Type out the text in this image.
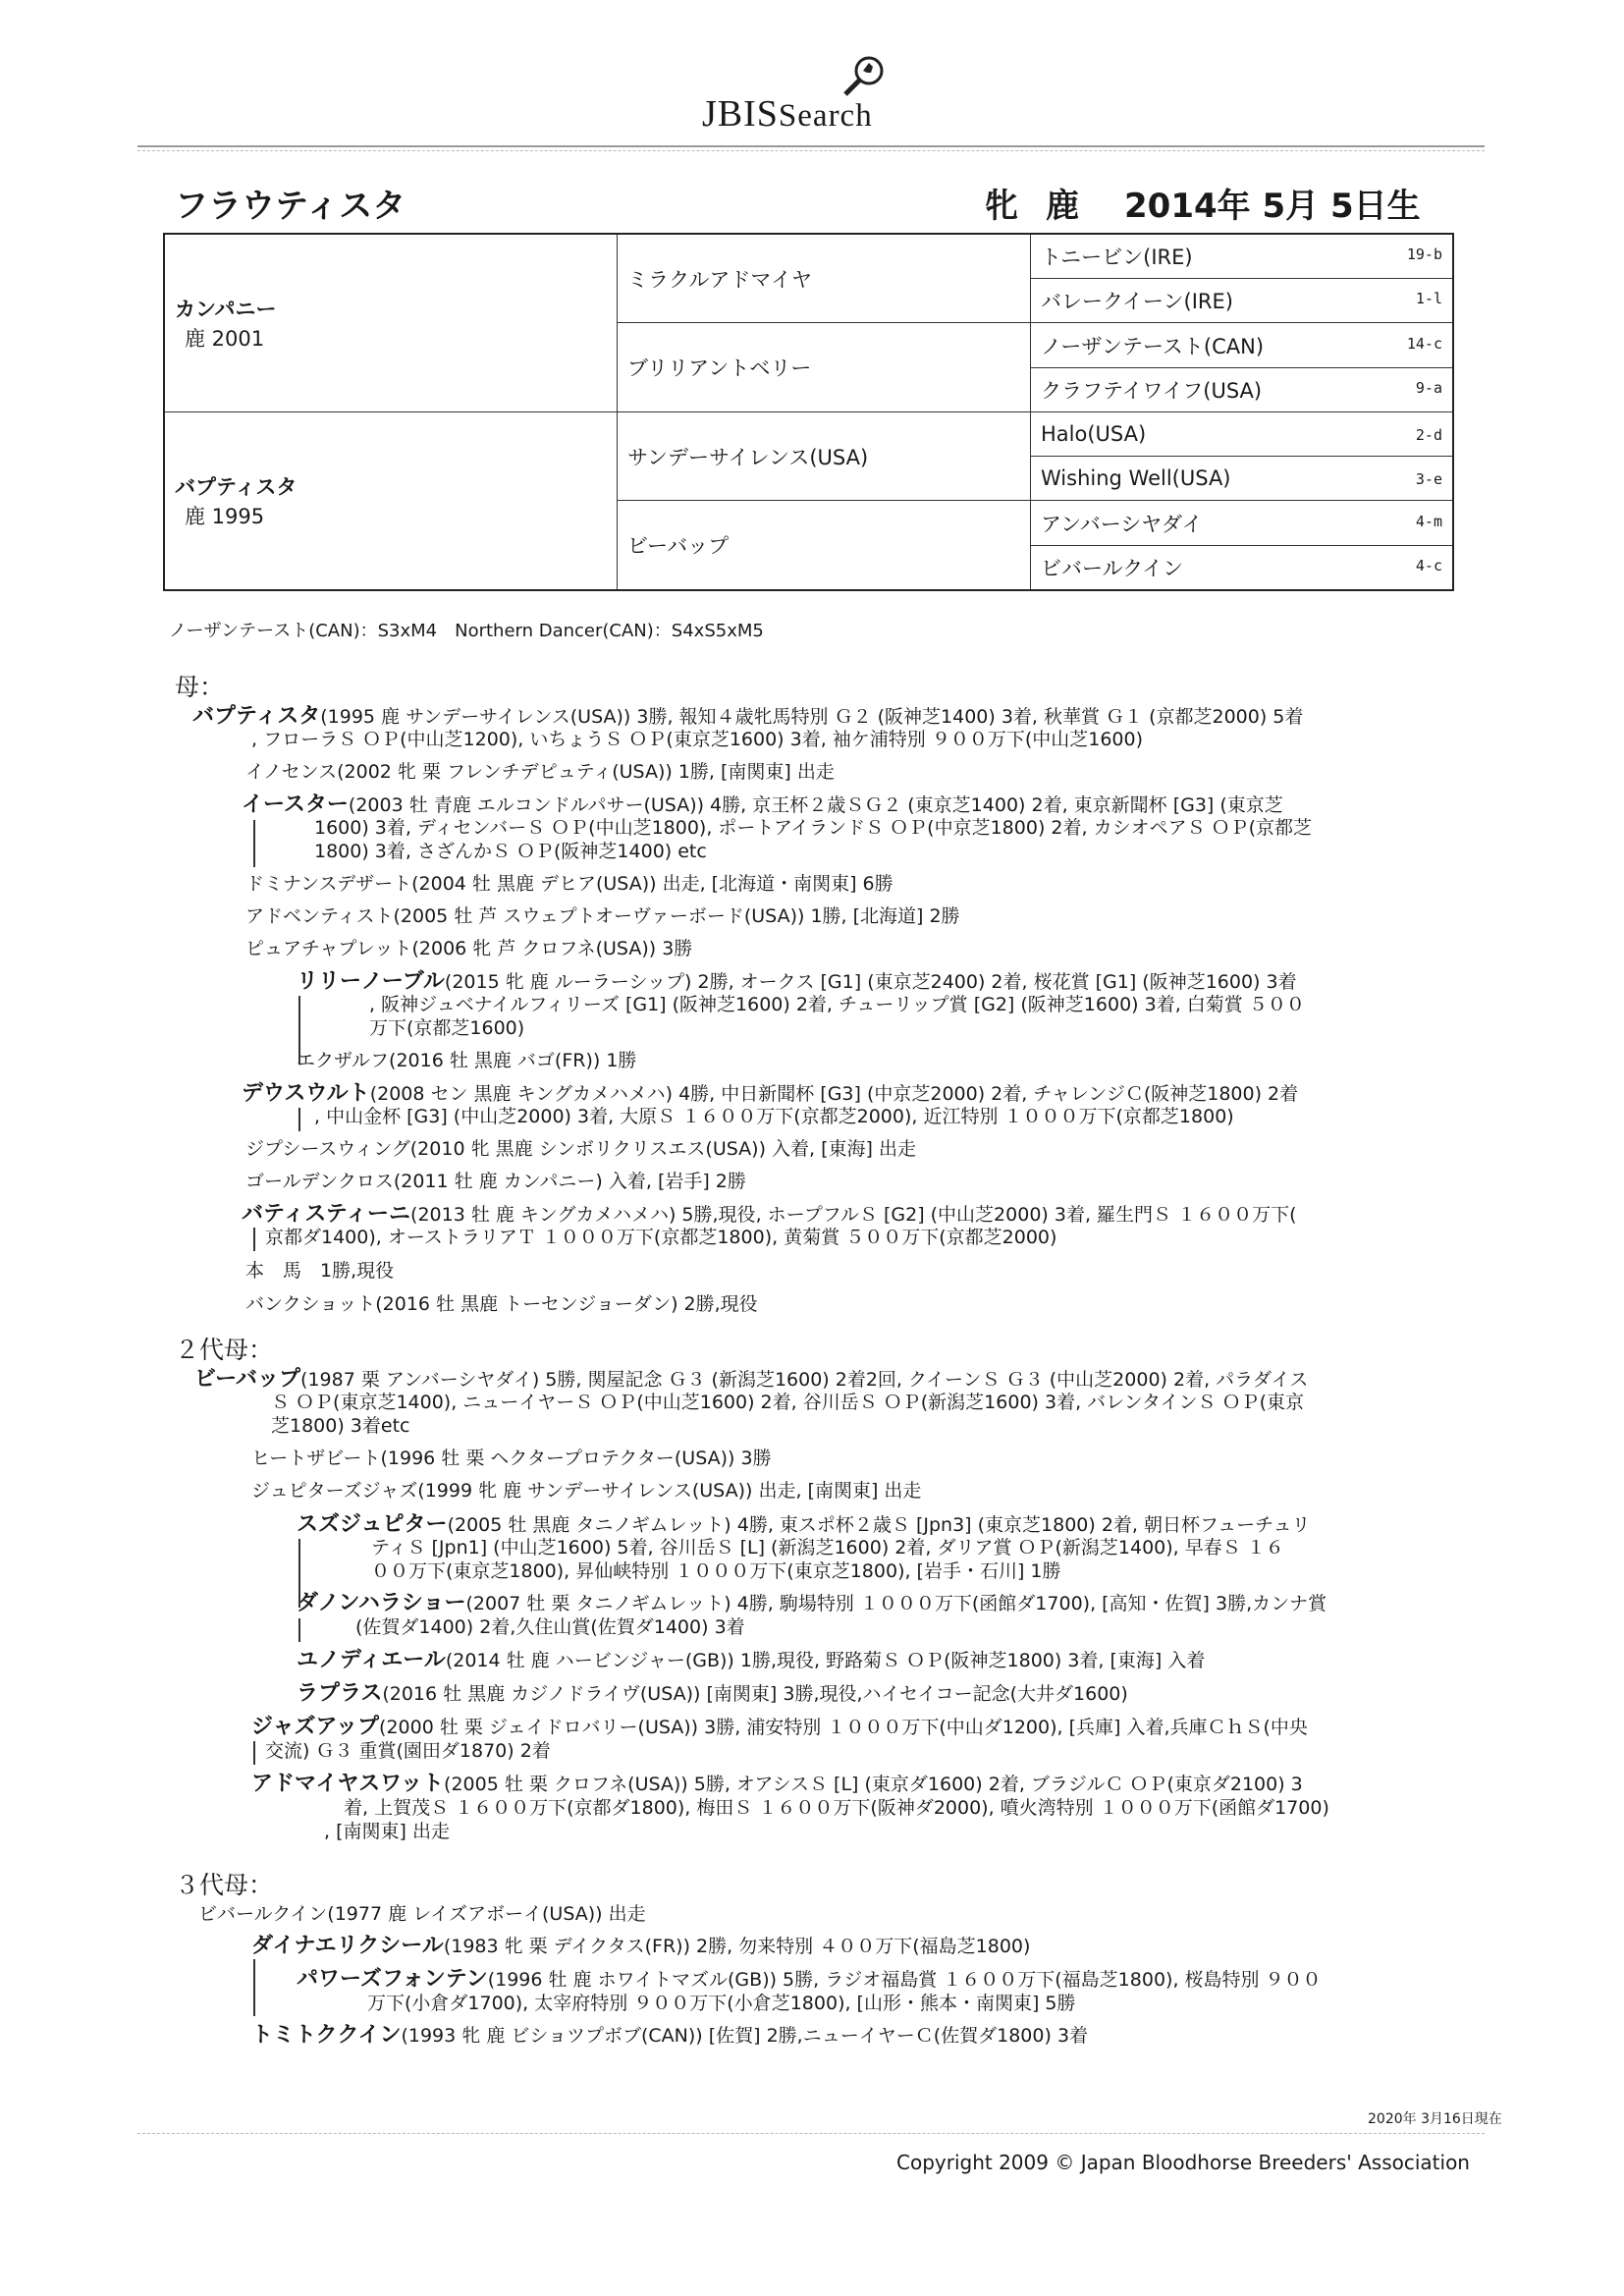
JBISSearch
フラウティスタ	牝鹿 2014年 5月 5日生
カンパニー
鹿 2001	ミラクルアドマイヤ	トニービン(IRE) 19-b

		バレークイーン(IRE) 1-l

	ブリリアントベリー	ノーザンテースト(CAN) 14-c

		クラフテイワイフ(USA) 9-a

バプティスタ
鹿 1995	サンデーサイレンス(USA)	Halo(USA) 2-d

		Wishing Well(USA) 3-e

	ビーバップ	アンバーシヤダイ 4-m

		ビバールクイン 4-c
ノーザンテースト(CAN)：S3xM4　Northern Dancer(CAN)：S4xS5xM5
母：
２代母：
３代母：
バプティスタ(1995 鹿 サンデーサイレンス(USA)) 3勝, 報知４歳牝馬特別 Ｇ２ (阪神芝1400) 3着, 秋華賞 Ｇ１ (京都芝2000) 5着
, フローラＳ ＯＰ(中山芝1200), いちょうＳ ＯＰ(東京芝1600) 3着, 袖ケ浦特別 ９００万下(中山芝1600)
イノセンス(2002 牝 栗 フレンチデピュティ(USA)) 1勝, [南関東] 出走
イースター(2003 牡 青鹿 エルコンドルパサー(USA)) 4勝, 京王杯２歳ＳＧ２ (東京芝1400) 2着, 東京新聞杯 [G3] (東京芝
1600) 3着, ディセンバーＳ ＯＰ(中山芝1800), ポートアイランドＳ ＯＰ(中京芝1800) 2着, カシオペアＳ ＯＰ(京都芝
1800) 3着, さざんかＳ ＯＰ(阪神芝1400) etc
ドミナンスデザート(2004 牡 黒鹿 デヒア(USA)) 出走, [北海道・南関東] 6勝
アドベンティスト(2005 牡 芦 スウェプトオーヴァーボード(USA)) 1勝, [北海道] 2勝
ピュアチャプレット(2006 牝 芦 クロフネ(USA)) 3勝
リリーノーブル(2015 牝 鹿 ルーラーシップ) 2勝, オークス [G1] (東京芝2400) 2着, 桜花賞 [G1] (阪神芝1600) 3着
, 阪神ジュベナイルフィリーズ [G1] (阪神芝1600) 2着, チューリップ賞 [G2] (阪神芝1600) 3着, 白菊賞 ５００
万下(京都芝1600)
エクザルフ(2016 牡 黒鹿 バゴ(FR)) 1勝
デウスウルト(2008 セン 黒鹿 キングカメハメハ) 4勝, 中日新聞杯 [G3] (中京芝2000) 2着, チャレンジＣ(阪神芝1800) 2着
, 中山金杯 [G3] (中山芝2000) 3着, 大原Ｓ １６００万下(京都芝2000), 近江特別 １０００万下(京都芝1800)
ジプシースウィング(2010 牝 黒鹿 シンボリクリスエス(USA)) 入着, [東海] 出走
ゴールデンクロス(2011 牡 鹿 カンパニー) 入着, [岩手] 2勝
バティスティーニ(2013 牡 鹿 キングカメハメハ) 5勝,現役, ホープフルＳ [G2] (中山芝2000) 3着, 羅生門Ｓ １６００万下(
京都ダ1400), オーストラリアＴ １０００万下(京都芝1800), 黄菊賞 ５００万下(京都芝2000)
本　馬　1勝,現役
バンクショット(2016 牡 黒鹿 トーセンジョーダン) 2勝,現役
ビーバップ(1987 栗 アンバーシヤダイ) 5勝, 関屋記念 Ｇ３ (新潟芝1600) 2着2回, クイーンＳ Ｇ３ (中山芝2000) 2着, パラダイス
Ｓ ＯＰ(東京芝1400), ニューイヤーＳ ＯＰ(中山芝1600) 2着, 谷川岳Ｓ ＯＰ(新潟芝1600) 3着, バレンタインＳ ＯＰ(東京
芝1800) 3着etc
ヒートザビート(1996 牡 栗 ヘクタープロテクター(USA)) 3勝
ジュピターズジャズ(1999 牝 鹿 サンデーサイレンス(USA)) 出走, [南関東] 出走
スズジュピター(2005 牡 黒鹿 タニノギムレット) 4勝, 東スポ杯２歳Ｓ [Jpn3] (東京芝1800) 2着, 朝日杯フューチュリ
ティＳ [Jpn1] (中山芝1600) 5着, 谷川岳Ｓ [L] (新潟芝1600) 2着, ダリア賞 ＯＰ(新潟芝1400), 早春Ｓ １６
００万下(東京芝1800), 昇仙峡特別 １０００万下(東京芝1800), [岩手・石川] 1勝
ダノンハラショー(2007 牡 栗 タニノギムレット) 4勝, 駒場特別 １０００万下(函館ダ1700), [高知・佐賀] 3勝,カンナ賞
(佐賀ダ1400) 2着,久住山賞(佐賀ダ1400) 3着
ユノディエール(2014 牡 鹿 ハービンジャー(GB)) 1勝,現役, 野路菊Ｓ ＯＰ(阪神芝1800) 3着, [東海] 入着
ラプラス(2016 牡 黒鹿 カジノドライヴ(USA)) [南関東] 3勝,現役,ハイセイコー記念(大井ダ1600)
ジャズアップ(2000 牡 栗 ジェイドロバリー(USA)) 3勝, 浦安特別 １０００万下(中山ダ1200), [兵庫] 入着,兵庫ＣｈＳ(中央
交流) Ｇ３ 重賞(園田ダ1870) 2着
アドマイヤスワット(2005 牡 栗 クロフネ(USA)) 5勝, オアシスＳ [L] (東京ダ1600) 2着, ブラジルＣ ＯＰ(東京ダ2100) 3
着, 上賀茂Ｓ １６００万下(京都ダ1800), 梅田Ｓ １６００万下(阪神ダ2000), 噴火湾特別 １０００万下(函館ダ1700)
, [南関東] 出走
ビバールクイン(1977 鹿 レイズアボーイ(USA)) 出走
ダイナエリクシール(1983 牝 栗 デイクタス(FR)) 2勝, 勿来特別 ４００万下(福島芝1800)
パワーズフォンテン(1996 牡 鹿 ホワイトマズル(GB)) 5勝, ラジオ福島賞 １６００万下(福島芝1800), 桜島特別 ９００
万下(小倉ダ1700), 太宰府特別 ９００万下(小倉芝1800), [山形・熊本・南関東] 5勝
トミトククイン(1993 牝 鹿 ビショツプボブ(CAN)) [佐賀] 2勝,ニューイヤーＣ(佐賀ダ1800) 3着
2020年 3月16日現在
Copyright 2009 © Japan Bloodhorse Breeders' Association
